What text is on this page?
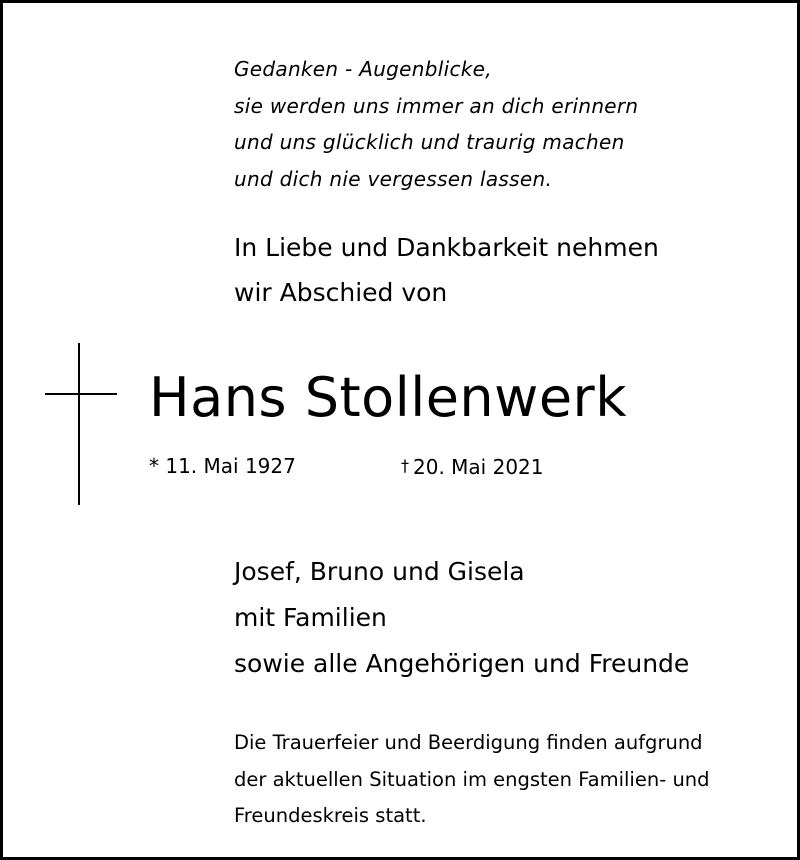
Gedanken - Augenblicke,
sie werden uns immer an dich erinnern
und uns glücklich und traurig machen
und dich nie vergessen lassen.
In Liebe und Dankbarkeit nehmen
wir Abschied von
Hans Stollenwerk
* 11. Mai 1927	† 20. Mai 2021
Josef, Bruno und Gisela
mit Familien
sowie alle Angehörigen und Freunde
Die Trauerfeier und Beerdigung finden aufgrund
der aktuellen Situation im engsten Familien- und
Freundeskreis statt.
